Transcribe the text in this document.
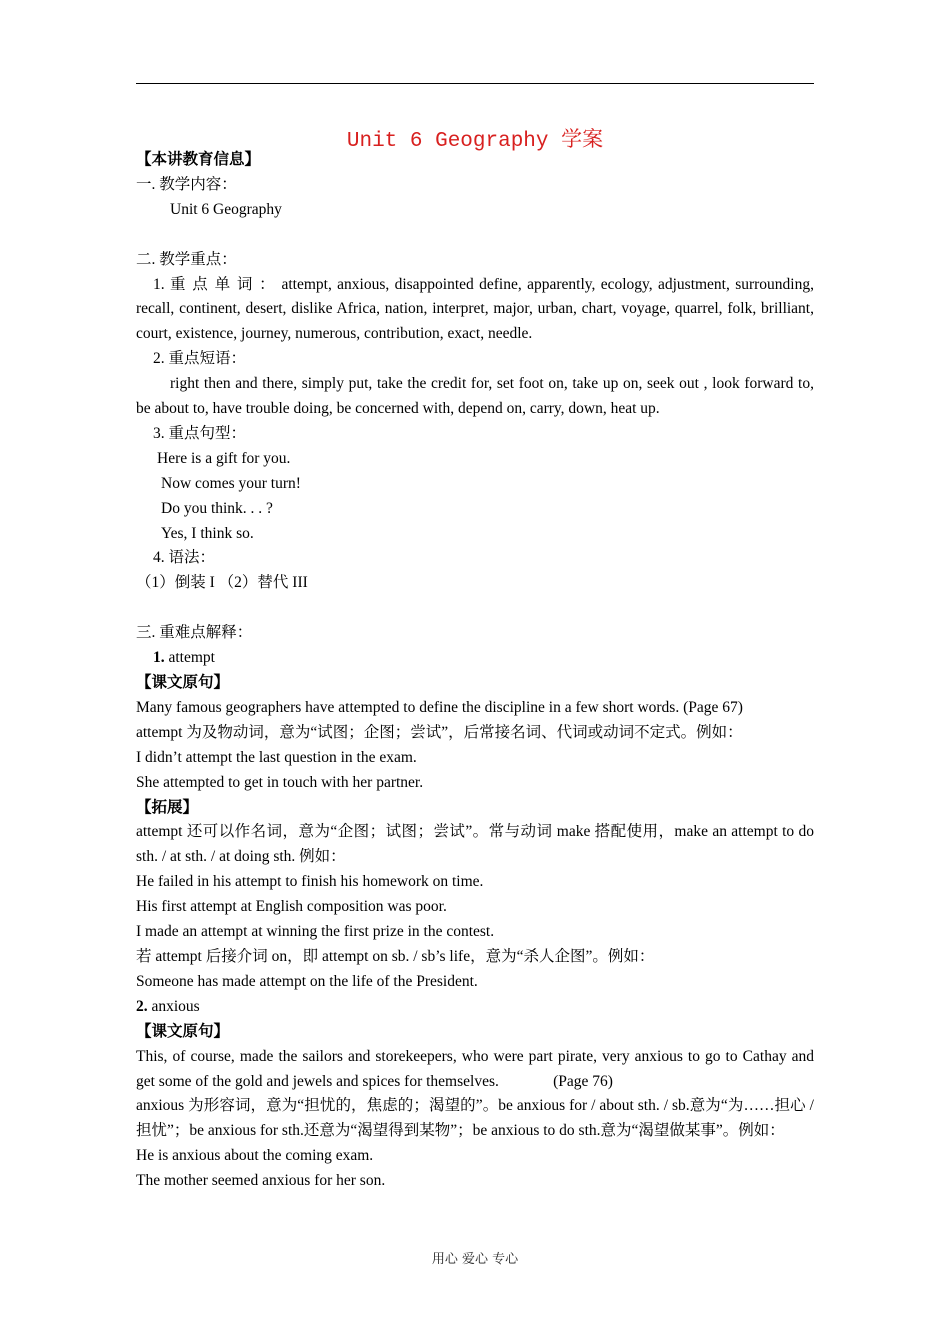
Unit 6 Geography 学案

【本讲教育信息】

一. 教学内容：

Unit 6 Geography

二. 教学重点：

1. 重 点 单 词 ： attempt, anxious, disappointed define, apparently, ecology, adjustment, surrounding, recall, continent, desert, dislike Africa, nation, interpret, major, urban, chart, voyage, quarrel, folk, brilliant, court, existence, journey, numerous, contribution, exact, needle.

2. 重点短语：

right then and there, simply put, take the credit for, set foot on, take up on, seek out , look forward to, be about to, have trouble doing, be concerned with, depend on, carry, down, heat up.

3. 重点句型：

Here is a gift for you.

Now comes your turn!

Do you think. . . ?

Yes, I think so.

4. 语法：

（1）倒装 I （2）替代 III

三. 重难点解释：

1. attempt

【课文原句】

Many famous geographers have attempted to define the discipline in a few short words. (Page 67)

attempt 为及物动词，意为“试图；企图；尝试”，后常接名词、代词或动词不定式。例如：

I didn’t attempt the last question in the exam.

She attempted to get in touch with her partner.

【拓展】

attempt 还可以作名词，意为“企图；试图；尝试”。常与动词 make 搭配使用，make an attempt to do sth. / at sth. / at doing sth. 例如：

He failed in his attempt to finish his homework on time.

His first attempt at English composition was poor.

I made an attempt at winning the first prize in the contest.

若 attempt 后接介词 on，即 attempt on sb. / sb’s life，意为“杀人企图”。例如：

Someone has made attempt on the life of the President.

2. anxious

【课文原句】

This, of course, made the sailors and storekeepers, who were part pirate, very anxious to go to Cathay and get some of the gold and jewels and spices for themselves.              (Page 76)

anxious 为形容词，意为“担忧的，焦虑的；渴望的”。be anxious for / about sth. / sb.意为“为……担心 / 担忧”；be anxious for sth.还意为“渴望得到某物”；be anxious to do sth.意为“渴望做某事”。例如：

He is anxious about the coming exam.

The mother seemed anxious for her son.

用心 爱心 专心
